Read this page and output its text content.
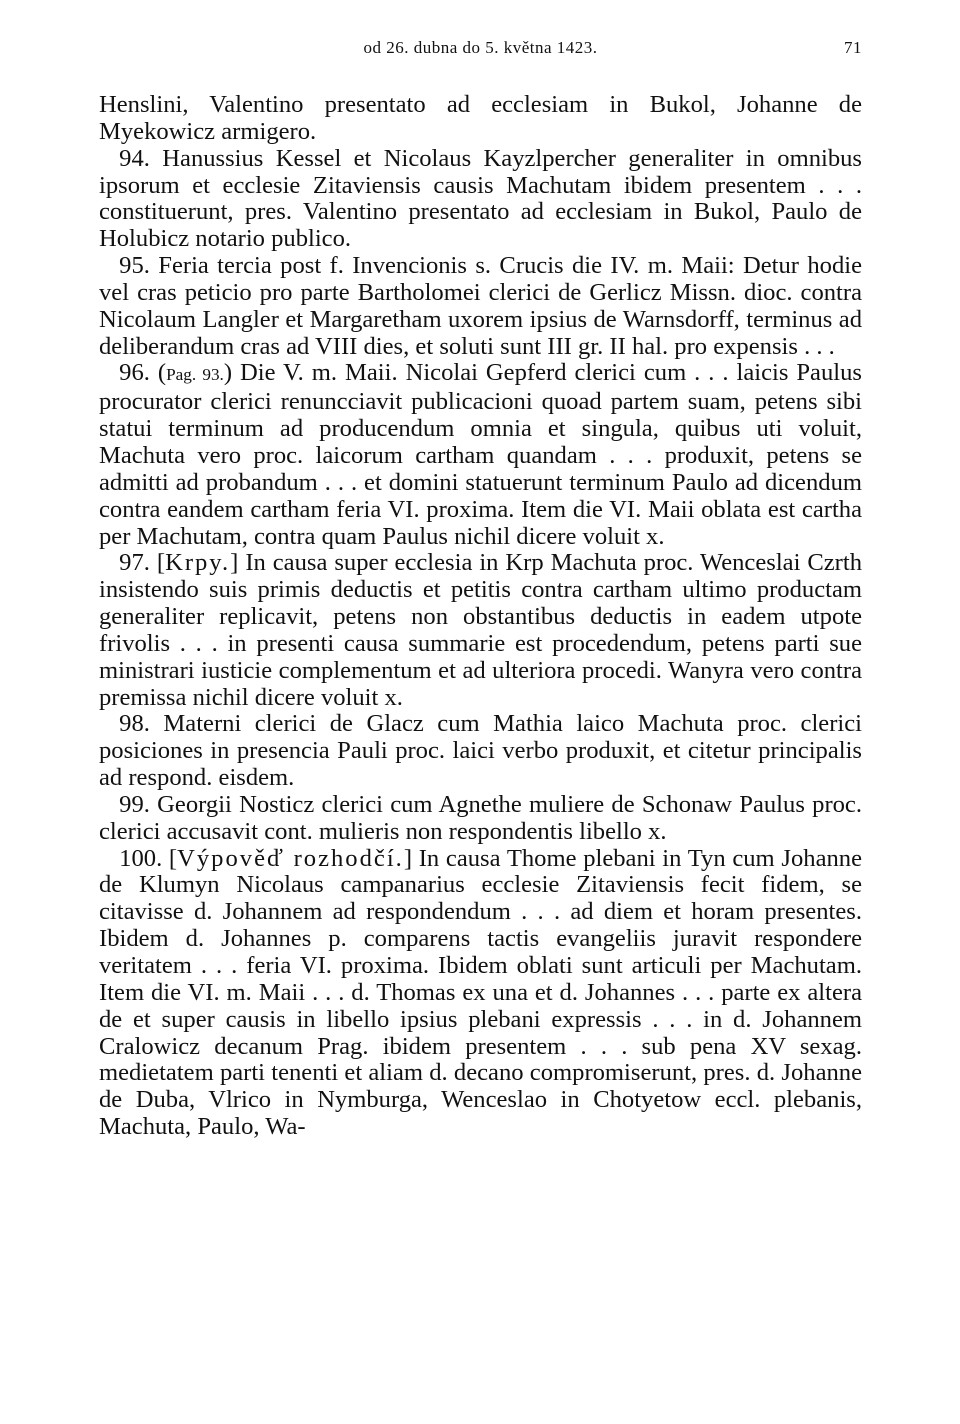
od 26. dubna do 5. května 1423.	71

Henslini, Valentino presentato ad ecclesiam in Bukol, Johanne de Myekowicz armigero.

94. Hanussius Kessel et Nicolaus Kayzlpercher generaliter in omnibus ipsorum et ecclesie Zitaviensis causis Machutam ibidem presentem . . . constituerunt, pres. Valentino presentato ad ecclesiam in Bukol, Paulo de Holubicz notario publico.

95. Feria tercia post f. Invencionis s. Crucis die IV. m. Maii: Detur hodie vel cras peticio pro parte Bartholomei clerici de Gerlicz Missn. dioc. contra Nicolaum Langler et Margaretham uxorem ipsius de Warnsdorff, terminus ad deliberandum cras ad VIII dies, et soluti sunt III gr. II hal. pro expensis . . .

96. (Pag. 93.) Die V. m. Maii. Nicolai Gepferd clerici cum . . . laicis Paulus procurator clerici renuncciavit publicacioni quoad partem suam, petens sibi statui terminum ad producendum omnia et singula, quibus uti voluit, Machuta vero proc. laicorum cartham quandam . . . produxit, petens se admitti ad probandum . . . et domini statuerunt terminum Paulo ad dicendum contra eandem cartham feria VI. proxima. Item die VI. Maii oblata est cartha per Machutam, contra quam Paulus nichil dicere voluit x.

97. [Krpy.] In causa super ecclesia in Krp Machuta proc. Wenceslai Czrth insistendo suis primis deductis et petitis contra cartham ultimo productam generaliter replicavit, petens non obstantibus deductis in eadem utpote frivolis . . . in presenti causa summarie est procedendum, petens parti sue ministrari iusticie complementum et ad ulteriora procedi. Wanyra vero contra premissa nichil dicere voluit x.

98. Materni clerici de Glacz cum Mathia laico Machuta proc. clerici posiciones in presencia Pauli proc. laici verbo produxit, et citetur principalis ad respond. eisdem.

99. Georgii Nosticz clerici cum Agnethe muliere de Schonaw Paulus proc. clerici accusavit cont. mulieris non respondentis libello x.

100. [Výpověď rozhodčí.] In causa Thome plebani in Tyn cum Johanne de Klumyn Nicolaus campanarius ecclesie Zitaviensis fecit fidem, se citavisse d. Johannem ad respondendum . . . ad diem et horam presentes. Ibidem d. Johannes p. comparens tactis evangeliis juravit respondere veritatem . . . feria VI. proxima. Ibidem oblati sunt articuli per Machutam. Item die VI. m. Maii . . . d. Thomas ex una et d. Johannes . . . parte ex altera de et super causis in libello ipsius plebani expressis . . . in d. Johannem Cralowicz decanum Prag. ibidem presentem . . . sub pena XV sexag. medietatem parti tenenti et aliam d. decano compromiserunt, pres. d. Johanne de Duba, Vlrico in Nymburga, Wenceslao in Chotyetow eccl. plebanis, Machuta, Paulo, Wa-
